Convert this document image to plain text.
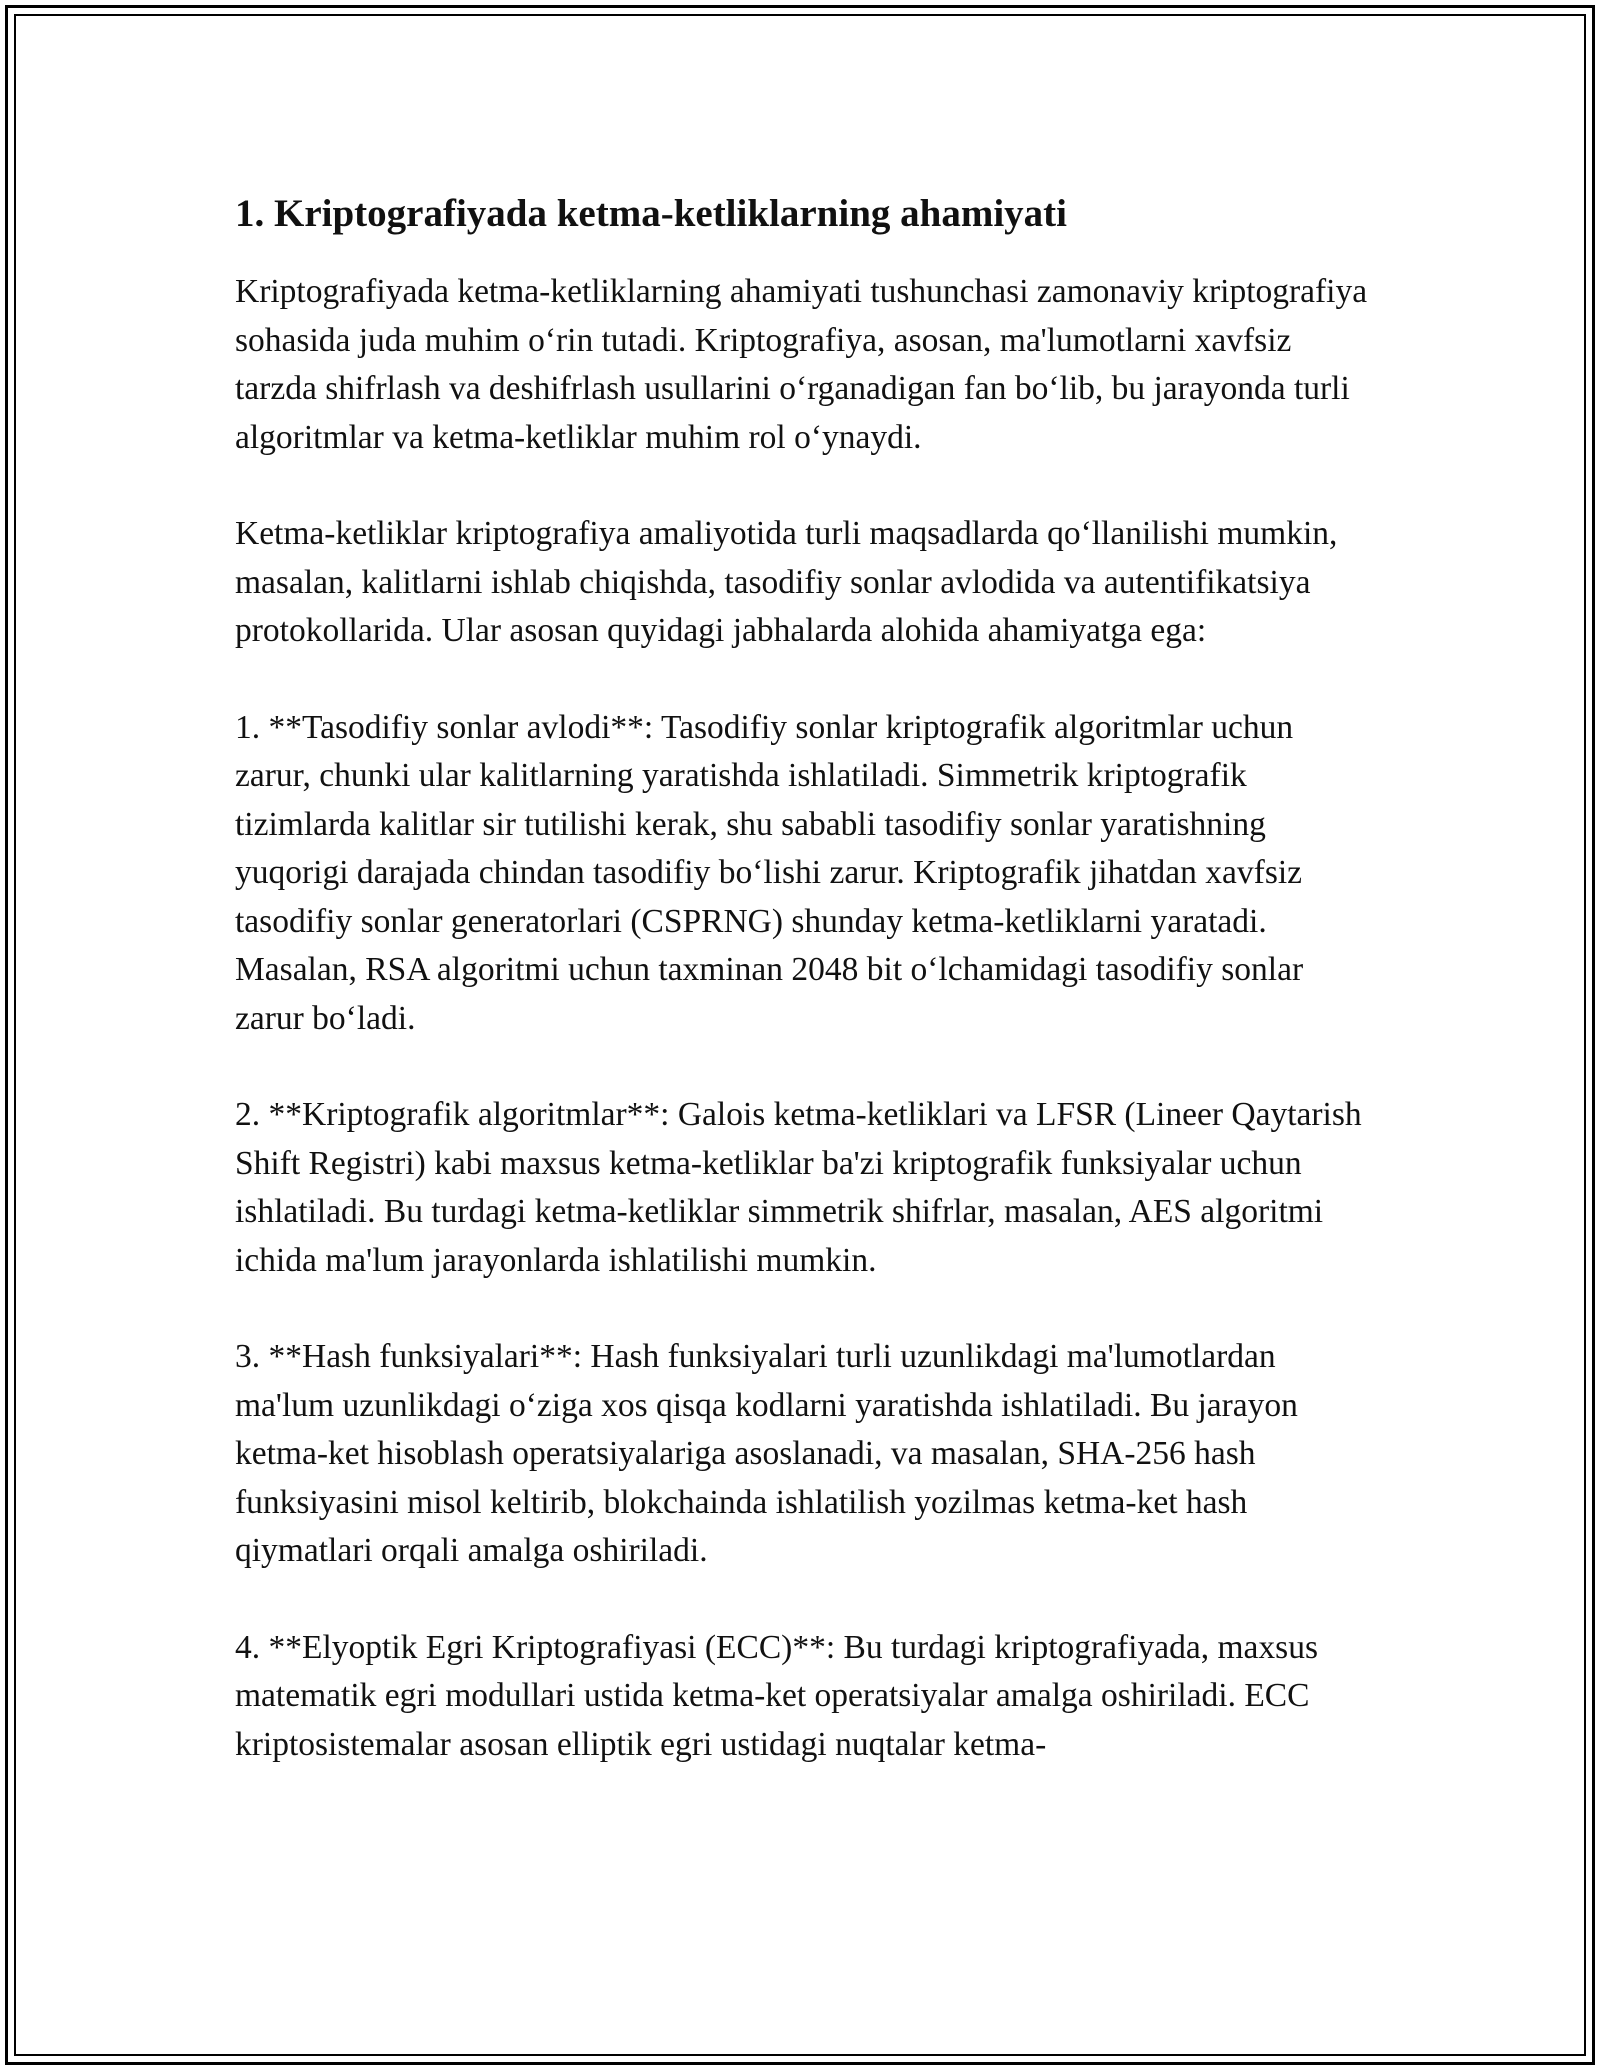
1. Kriptografiyada ketma-ketliklarning ahamiyati

Kriptografiyada ketma-ketliklarning ahamiyati tushunchasi zamonaviy kriptografiya sohasida juda muhim oʻrin tutadi. Kriptografiya, asosan, ma'lumotlarni xavfsiz tarzda shifrlash va deshifrlash usullarini oʻrganadigan fan boʻlib, bu jarayonda turli algoritmlar va ketma-ketliklar muhim rol oʻynaydi.

Ketma-ketliklar kriptografiya amaliyotida turli maqsadlarda qoʻllanilishi mumkin, masalan, kalitlarni ishlab chiqishda, tasodifiy sonlar avlodida va autentifikatsiya protokollarida. Ular asosan quyidagi jabhalarda alohida ahamiyatga ega:

1. **Tasodifiy sonlar avlodi**: Tasodifiy sonlar kriptografik algoritmlar uchun zarur, chunki ular kalitlarning yaratishda ishlatiladi. Simmetrik kriptografik tizimlarda kalitlar sir tutilishi kerak, shu sababli tasodifiy sonlar yaratishning yuqorigi darajada chindan tasodifiy boʻlishi zarur. Kriptografik jihatdan xavfsiz tasodifiy sonlar generatorlari (CSPRNG) shunday ketma-ketliklarni yaratadi. Masalan, RSA algoritmi uchun taxminan 2048 bit oʻlchamidagi tasodifiy sonlar zarur boʻladi.

2. **Kriptografik algoritmlar**: Galois ketma-ketliklari va LFSR (Lineer Qaytarish Shift Registri) kabi maxsus ketma-ketliklar ba'zi kriptografik funksiyalar uchun ishlatiladi. Bu turdagi ketma-ketliklar simmetrik shifrlar, masalan, AES algoritmi ichida ma'lum jarayonlarda ishlatilishi mumkin.

3. **Hash funksiyalari**: Hash funksiyalari turli uzunlikdagi ma'lumotlardan ma'lum uzunlikdagi oʻziga xos qisqa kodlarni yaratishda ishlatiladi. Bu jarayon ketma-ket hisoblash operatsiyalariga asoslanadi, va masalan, SHA-256 hash funksiyasini misol keltirib, blokchainda ishlatilish yozilmas ketma-ket hash qiymatlari orqali amalga oshiriladi.

4. **Elyoptik Egri Kriptografiyasi (ECC)**: Bu turdagi kriptografiyada, maxsus matematik egri modullari ustida ketma-ket operatsiyalar amalga oshiriladi. ECC kriptosistemalar asosan elliptik egri ustidagi nuqtalar ketma-
